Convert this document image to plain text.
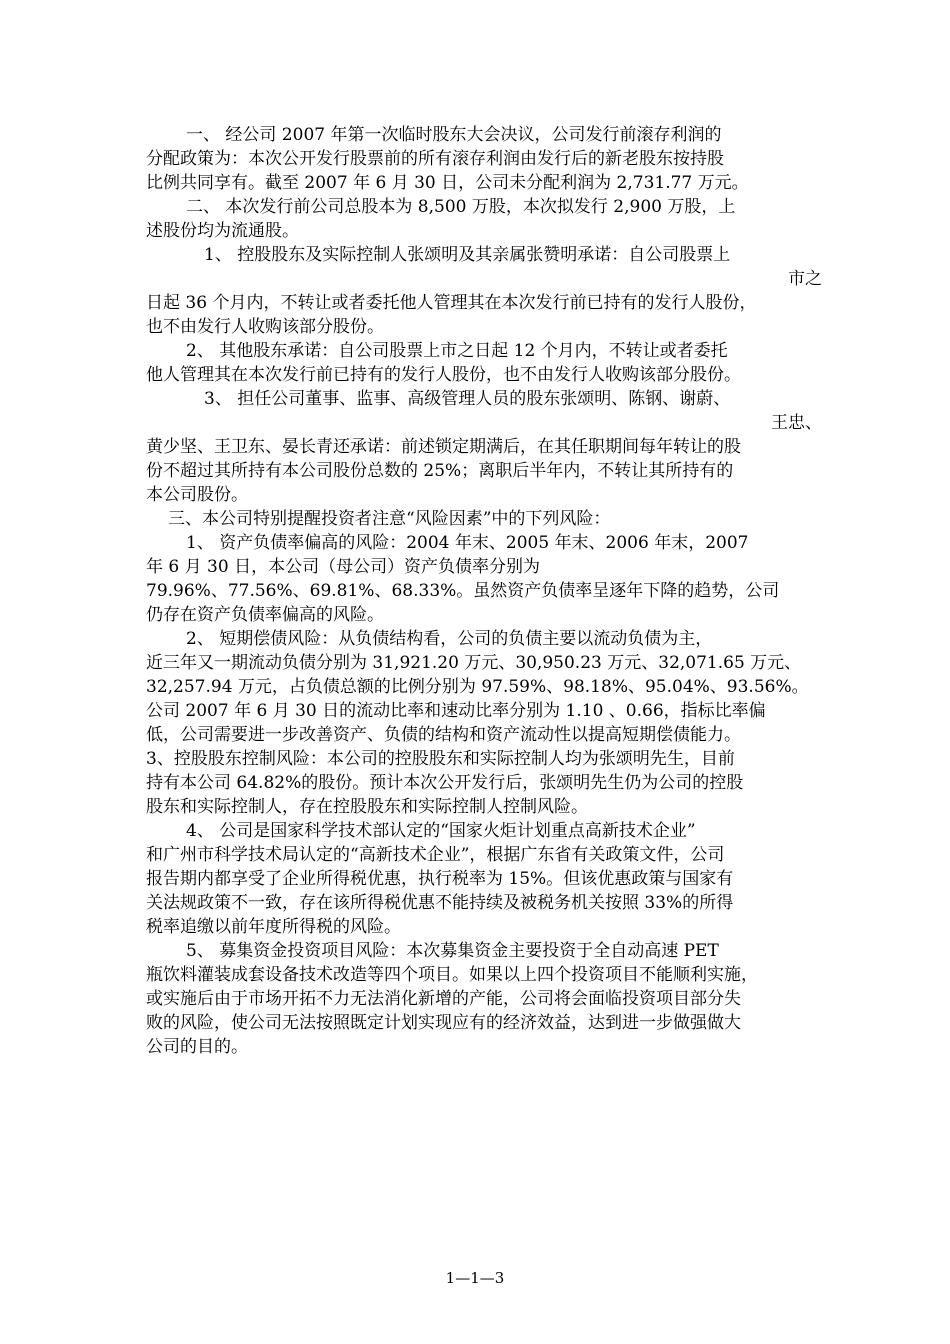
一、 经公司 2007 年第一次临时股东大会决议，公司发行前滚存利润的
分配政策为：本次公开发行股票前的所有滚存利润由发行后的新老股东按持股
比例共同享有。截至 2007 年 6 月 30 日，公司未分配利润为 2,731.77 万元。
二、 本次发行前公司总股本为 8,500 万股，本次拟发行 2,900 万股，上
述股份均为流通股。
1、 控股股东及实际控制人张颂明及其亲属张赞明承诺：自公司股票上
市之
日起 36 个月内，不转让或者委托他人管理其在本次发行前已持有的发行人股份，
也不由发行人收购该部分股份。
2、 其他股东承诺：自公司股票上市之日起 12 个月内，不转让或者委托
他人管理其在本次发行前已持有的发行人股份，也不由发行人收购该部分股份。
3、 担任公司董事、监事、高级管理人员的股东张颂明、陈钢、谢蔚、
王忠、
黄少坚、王卫东、晏长青还承诺：前述锁定期满后，在其任职期间每年转让的股
份不超过其所持有本公司股份总数的 25%；离职后半年内，不转让其所持有的
本公司股份。
三、本公司特别提醒投资者注意“风险因素”中的下列风险：
1、 资产负债率偏高的风险：2004 年末、2005 年末、2006 年末，2007
年 6 月 30 日，本公司（母公司）资产负债率分别为
79.96%、77.56%、69.81%、68.33%。虽然资产负债率呈逐年下降的趋势，公司
仍存在资产负债率偏高的风险。
2、 短期偿债风险：从负债结构看，公司的负债主要以流动负债为主，
近三年又一期流动负债分别为 31,921.20 万元、30,950.23 万元、32,071.65 万元、
32,257.94 万元，占负债总额的比例分别为 97.59%、98.18%、95.04%、93.56%。
公司 2007 年 6 月 30 日的流动比率和速动比率分别为 1.10 、0.66，指标比率偏
低，公司需要进一步改善资产、负债的结构和资产流动性以提高短期偿债能力。
3、控股股东控制风险：本公司的控股股东和实际控制人均为张颂明先生，目前
持有本公司 64.82%的股份。预计本次公开发行后，张颂明先生仍为公司的控股
股东和实际控制人，存在控股股东和实际控制人控制风险。
4、 公司是国家科学技术部认定的“国家火炬计划重点高新技术企业”
和广州市科学技术局认定的“高新技术企业”，根据广东省有关政策文件，公司
报告期内都享受了企业所得税优惠，执行税率为 15%。但该优惠政策与国家有
关法规政策不一致，存在该所得税优惠不能持续及被税务机关按照 33%的所得
税率追缴以前年度所得税的风险。
5、 募集资金投资项目风险：本次募集资金主要投资于全自动高速 PET
瓶饮料灌装成套设备技术改造等四个项目。如果以上四个投资项目不能顺利实施，
或实施后由于市场开拓不力无法消化新增的产能，公司将会面临投资项目部分失
败的风险，使公司无法按照既定计划实现应有的经济效益，达到进一步做强做大
公司的目的。
1—1—3
